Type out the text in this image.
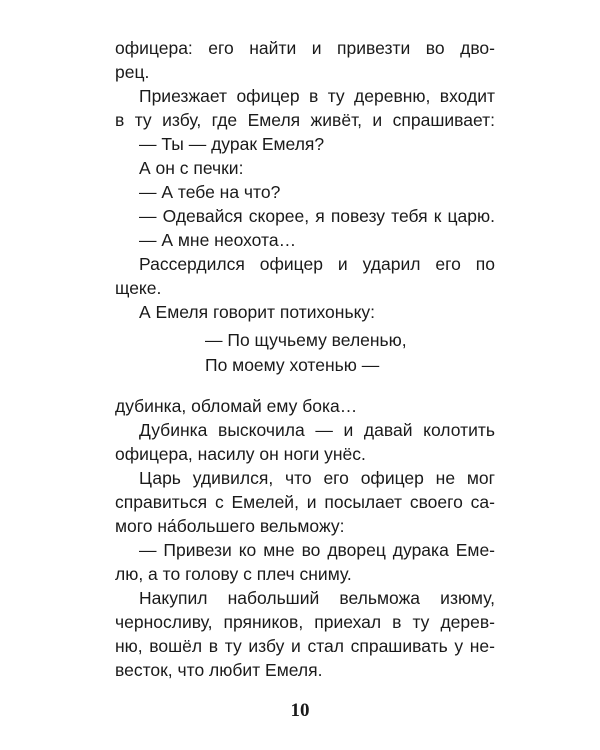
офицера: его найти и привезти во дво-
рец.
Приезжает офицер в ту деревню, входит
в ту избу, где Емеля живёт, и спрашивает:
— Ты — дурак Емеля?
А он с печки:
— А тебе на что?
— Одевайся скорее, я повезу тебя к царю.
— А мне неохота…
Рассердился офицер и ударил его по
щеке.
А Емеля говорит потихоньку:
— По щучьему веленью,
По моему хотенью —
дубинка, обломай ему бока…
Дубинка выскочила — и давай колотить
офицера, насилу он ноги унёс.
Царь удивился, что его офицер не мог
справиться с Емелей, и посылает своего са-
мого на́большего вельможу:
— Привези ко мне во дворец дурака Еме-
лю, а то голову с плеч сниму.
Накупил набольший вельможа изюму,
черносливу, пряников, приехал в ту дерев-
ню, вошёл в ту избу и стал спрашивать у не-
весток, что любит Емеля.
10
